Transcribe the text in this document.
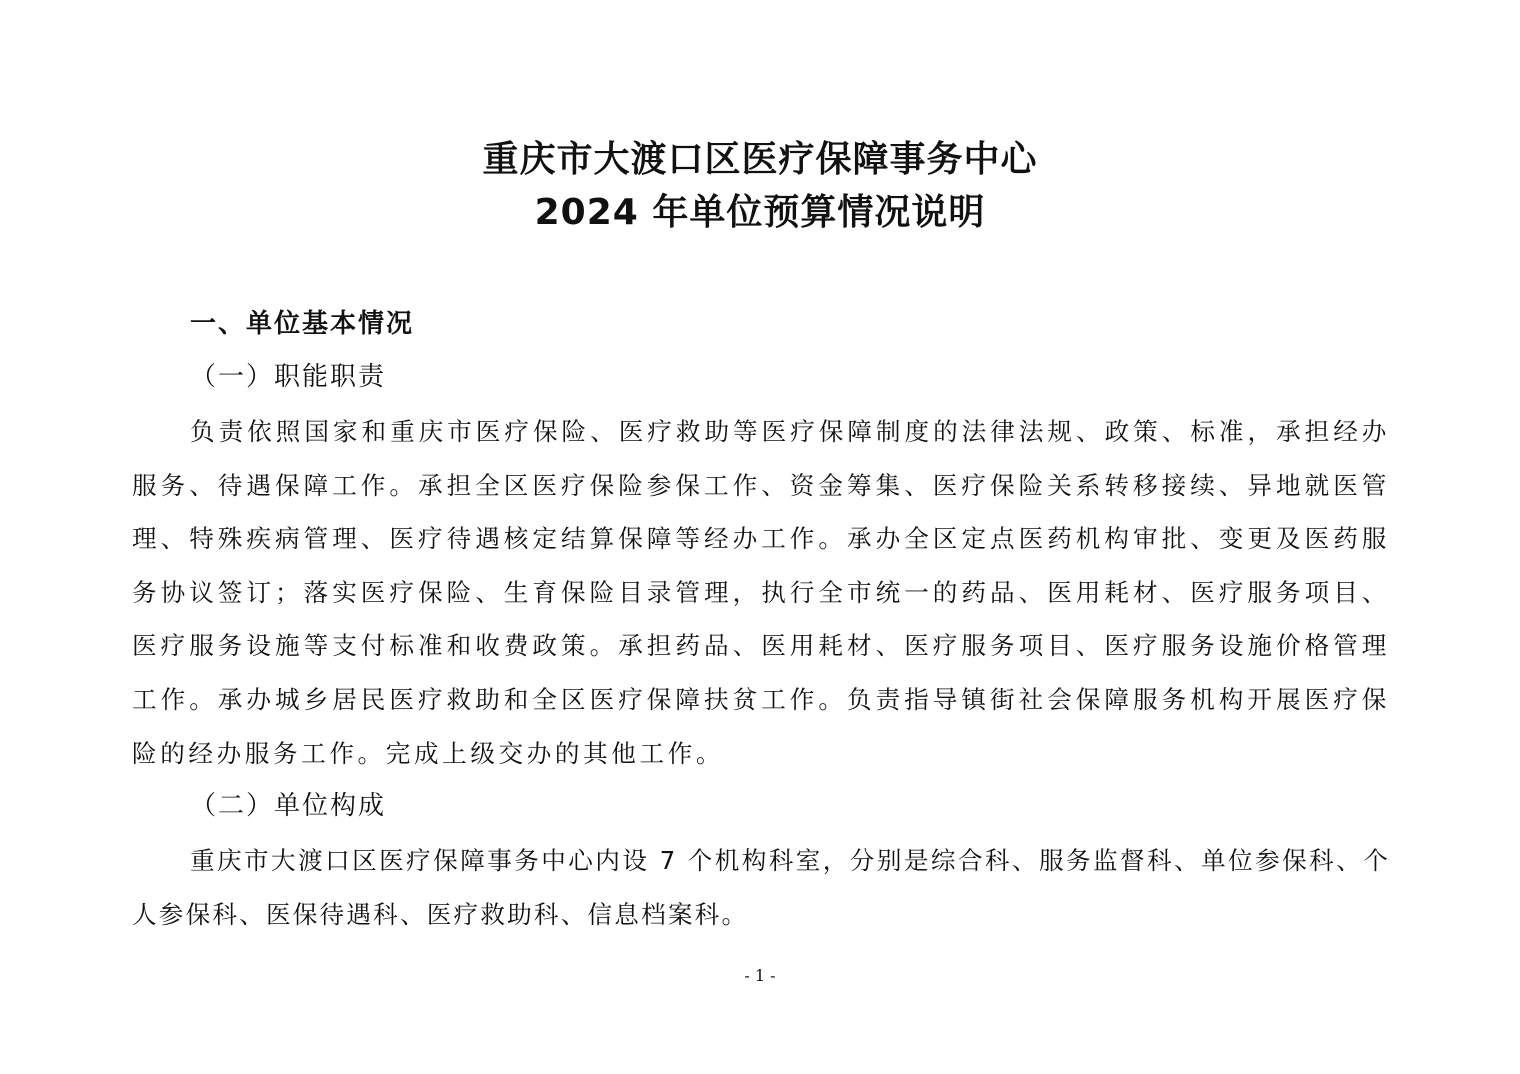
重庆市大渡口区医疗保障事务中心
2024 年单位预算情况说明
一、单位基本情况
（一）职能职责

负责依照国家和重庆市医疗保险、医疗救助等医疗保障制度的法律法规、政策、标准，承担经办服务、待遇保障工作。承担全区医疗保险参保工作、资金筹集、医疗保险关系转移接续、异地就医管理、特殊疾病管理、医疗待遇核定结算保障等经办工作。承办全区定点医药机构审批、变更及医药服务协议签订；落实医疗保险、生育保险目录管理，执行全市统一的药品、医用耗材、医疗服务项目、医疗服务设施等支付标准和收费政策。承担药品、医用耗材、医疗服务项目、医疗服务设施价格管理工作。承办城乡居民医疗救助和全区医疗保障扶贫工作。负责指导镇街社会保障服务机构开展医疗保险的经办服务工作。完成上级交办的其他工作。

（二）单位构成

重庆市大渡口区医疗保障事务中心内设 7 个机构科室，分别是综合科、服务监督科、单位参保科、个人参保科、医保待遇科、医疗救助科、信息档案科。

- 1 -
